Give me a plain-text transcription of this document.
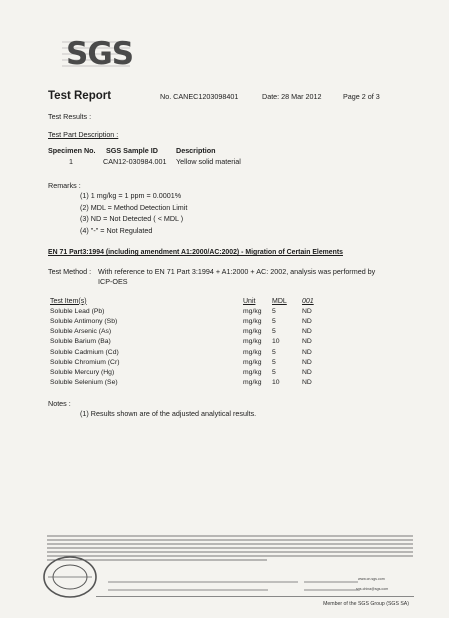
SGS
Test Report	No. CANEC1203098401	Date: 28 Mar 2012	Page 2 of 3
Test Results :
Test Part Description :
Specimen No. SGS Sample ID	Description
1	CAN12-030984.001 Yellow solid material
Remarks :
(1) 1 mg/kg = 1 ppm = 0.0001%
(2) MDL = Method Detection Limit
(3) ND = Not Detected ( < MDL )
(4) "-" = Not Regulated
EN 71 Part3:1994 (including amendment A1:2000/AC:2002) - Migration of Certain Elements
Test Method : With reference to EN 71 Part 3:1994 + A1:2000 + AC: 2002, analysis was performed by
ICP-OES
Test Item(s)	Unit	MDL	001
Soluble Lead (Pb)	mg/kg	5	ND
Soluble Antimony (Sb)	mg/kg	5	ND
Soluble Arsenic (As)	mg/kg	5	ND
Soluble Barium (Ba)	mg/kg	10	ND
Soluble Cadmium (Cd)	mg/kg	5	ND
Soluble Chromium (Cr)	mg/kg	5	ND
Soluble Mercury (Hg)	mg/kg	5	ND
Soluble Selenium (Se)	mg/kg	10	ND
Notes :
(1) Results shown are of the adjusted analytical results.
www.cn.sgs.com
sgs.china@sgs.com
Member of the SGS Group (SGS SA)
